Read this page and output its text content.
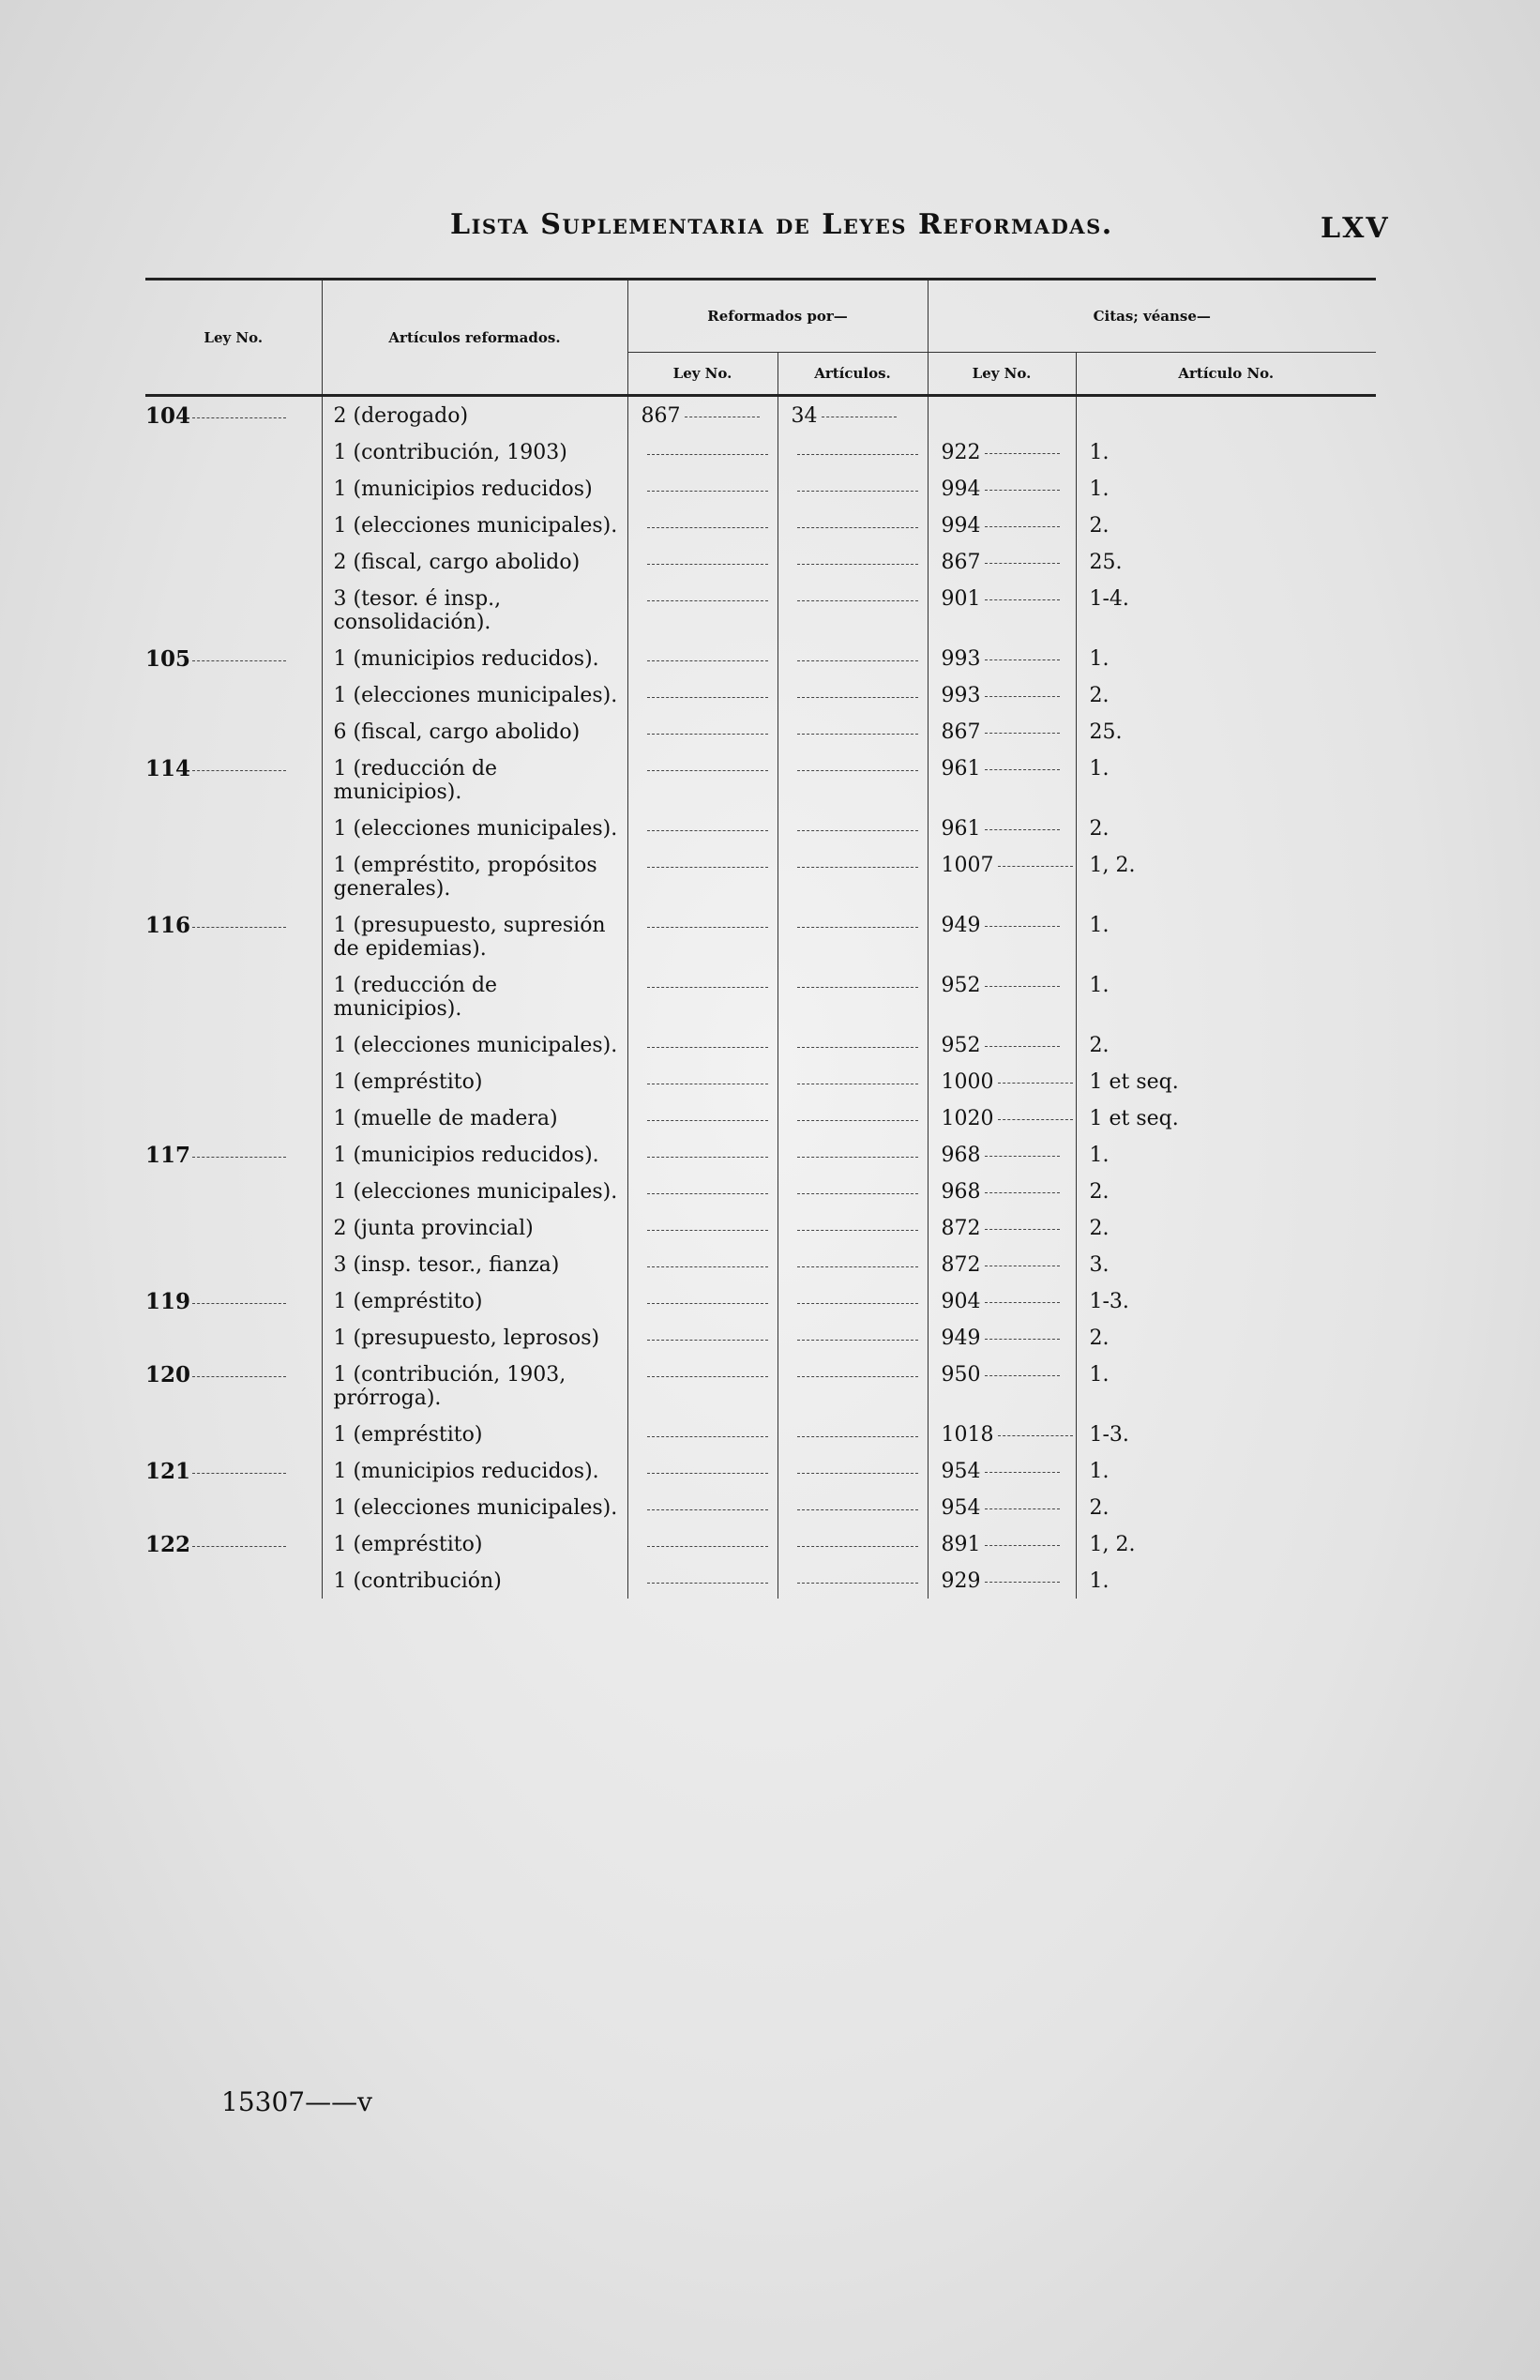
Lista Suplementaria de Leyes Reformadas.	LXV
Ley No.	Artículos reformados.	Reformados por—		Citas; véanse—	
		Ley No.	Artículos.	Ley No.	Artículo No.
104	2 (derogado)	867	34		
	1 (contribución, 1903)			922	1.
	1 (municipios reducidos)			994	1.
	1 (elecciones municipales).			994	2.
	2 (fiscal, cargo abolido)			867	25.
	3 (tesor. é insp., consolidación).			901	1-4.
105	1 (municipios reducidos).			993	1.
	1 (elecciones municipales).			993	2.
	6 (fiscal, cargo abolido)			867	25.
114	1 (reducción de municipios).			961	1.
	1 (elecciones municipales).			961	2.
	1 (empréstito, propósitos generales).			1007	1, 2.
116	1 (presupuesto, supresión de epidemias).			949	1.
	1 (reducción de municipios).			952	1.
	1 (elecciones municipales).			952	2.
	1 (empréstito)			1000	1 et seq.
	1 (muelle de madera)			1020	1 et seq.
117	1 (municipios reducidos).			968	1.
	1 (elecciones municipales).			968	2.
	2 (junta provincial)			872	2.
	3 (insp. tesor., fianza)			872	3.
119	1 (empréstito)			904	1-3.
	1 (presupuesto, leprosos)			949	2.
120	1 (contribución, 1903, prórroga).			950	1.
	1 (empréstito)			1018	1-3.
121	1 (municipios reducidos).			954	1.
	1 (elecciones municipales).			954	2.
122	1 (empréstito)			891	1, 2.
	1 (contribución)			929	1.
15307——v
